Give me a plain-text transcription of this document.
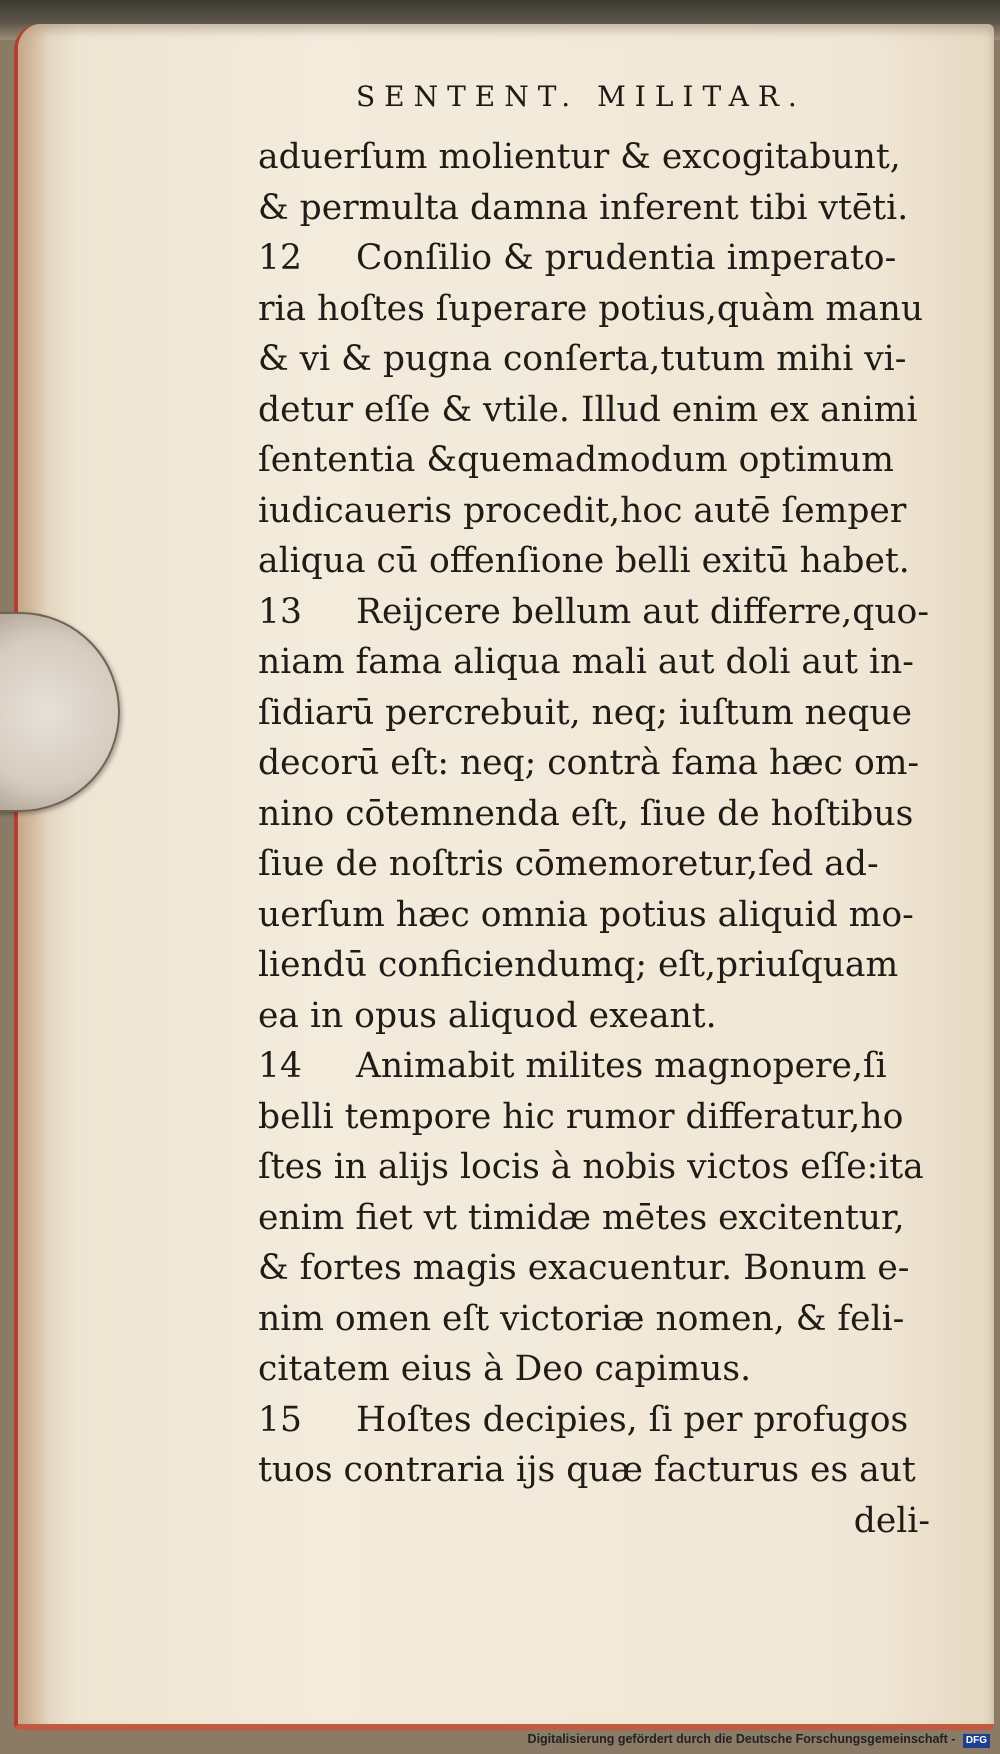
SENTENT. MILITAR.
aduerſum molientur & excogitabunt,
& permulta damna inferent tibi vtēti.
12 Conſilio & prudentia imperato-
ria hoſtes ſuperare potius,quàm manu
& vi & pugna conſerta,tutum mihi vi-
detur eſſe & vtile. Illud enim ex animi
ſententia &quemadmodum optimum
iudicaueris procedit,hoc autē ſemper
aliqua cū offenſione belli exitū habet.
13 Reijcere bellum aut differre,quo-
niam fama aliqua mali aut doli aut in-
ſidiarū percrebuit, neq; iuſtum neque
decorū eſt: neq; contrà fama hæc om-
nino cōtemnenda eſt, ſiue de hoſtibus
ſiue de noſtris cōmemoretur,ſed ad-
uerſum hæc omnia potius aliquid mo-
liendū conficiendumq; eſt,priuſquam
ea in opus aliquod exeant.
14 Animabit milites magnopere,ſi
belli tempore hic rumor differatur,ho
ſtes in alijs locis à nobis victos eſſe:ita
enim fiet vt timidæ mētes excitentur,
& fortes magis exacuentur. Bonum e-
nim omen eſt victoriæ nomen, & feli-
citatem eius à Deo capimus.
15 Hoſtes decipies, ſi per profugos
tuos contraria ijs quæ facturus es aut
deli-
Digitalisierung gefördert durch die Deutsche Forschungsgemeinschaft - DFG
